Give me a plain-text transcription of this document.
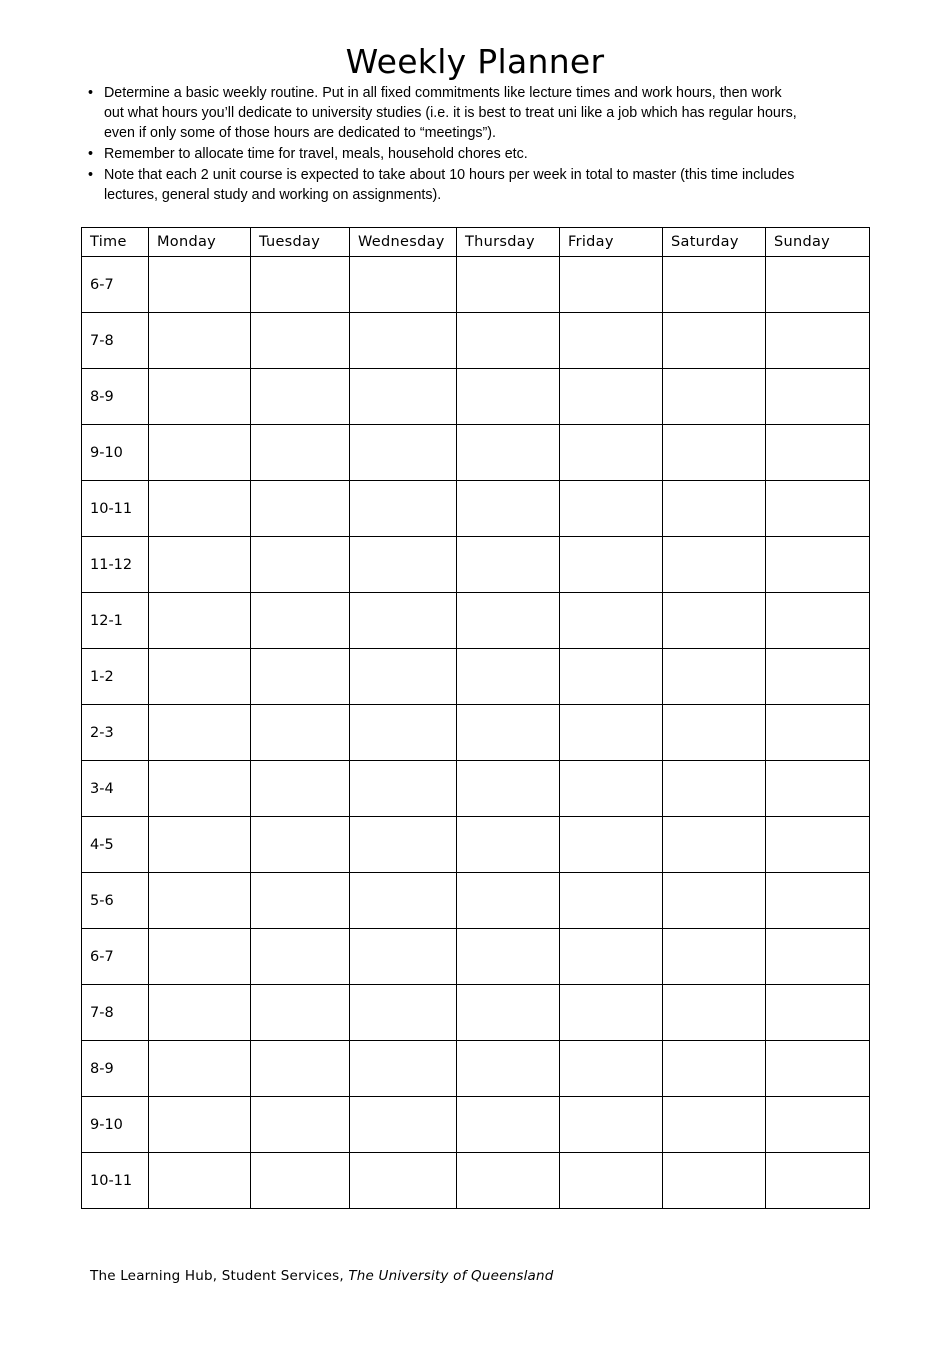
Weekly Planner
• Determine a basic weekly routine. Put in all fixed commitments like lecture times and work hours, then work out what hours you’ll dedicate to university studies (i.e. it is best to treat uni like a job which has regular hours, even if only some of those hours are dedicated to “meetings”).
• Remember to allocate time for travel, meals, household chores etc.
• Note that each 2 unit course is expected to take about 10 hours per week in total to master (this time includes lectures, general study and working on assignments).
Time	Monday	Tuesday	Wednesday	Thursday	Friday	Saturday	Sunday
6-7							
7-8							
8-9							
9-10							
10-11							
11-12							
12-1							
1-2							
2-3							
3-4							
4-5							
5-6							
6-7							
7-8							
8-9							
9-10							
10-11							
The Learning Hub, Student Services, The University of Queensland
